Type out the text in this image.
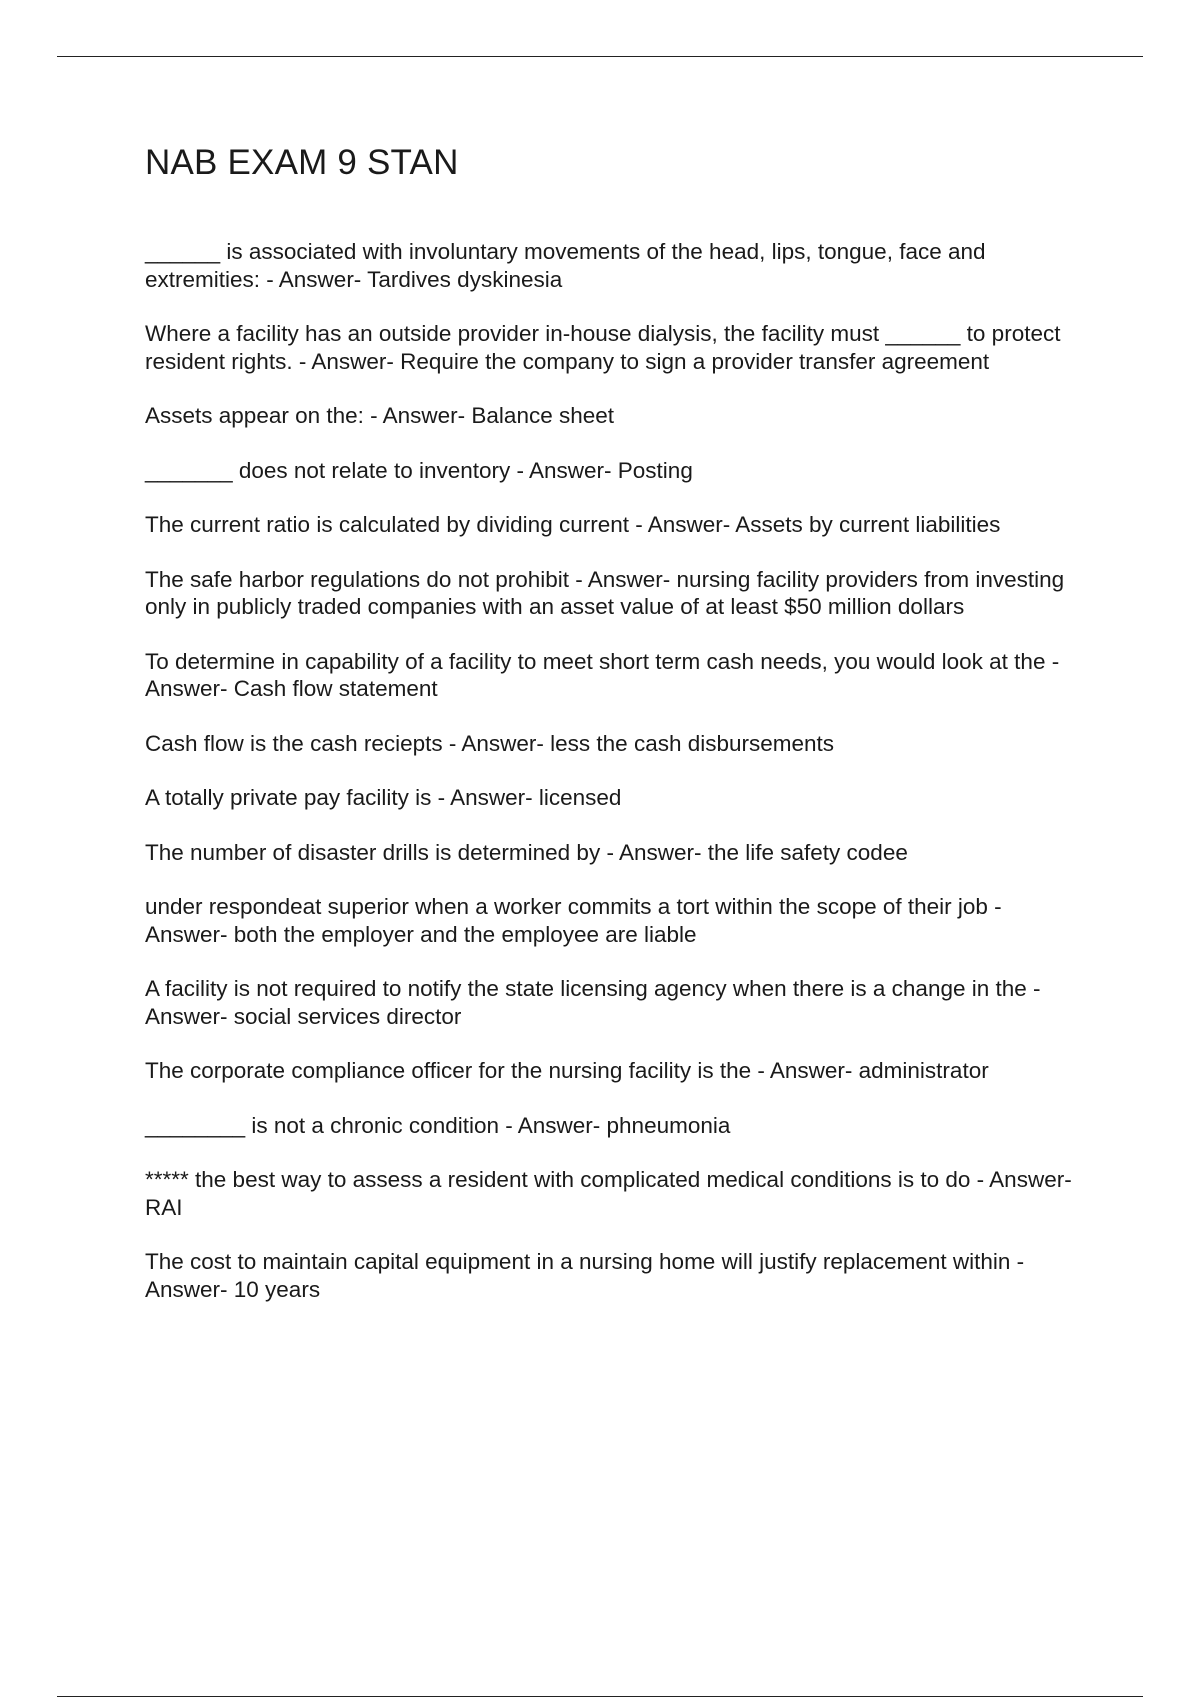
NAB EXAM 9 STAN
______ is associated with involuntary movements of the head, lips, tongue, face and extremities: - Answer- Tardives dyskinesia
Where a facility has an outside provider in-house dialysis, the facility must ______ to protect resident rights. - Answer- Require the company to sign a provider transfer agreement
Assets appear on the: - Answer- Balance sheet
_______ does not relate to inventory - Answer- Posting
The current ratio is calculated by dividing current - Answer- Assets by current liabilities
The safe harbor regulations do not prohibit - Answer- nursing facility providers from investing only in publicly traded companies with an asset value of at least $50 million dollars
To determine in capability of a facility to meet short term cash needs, you would look at the - Answer- Cash flow statement
Cash flow is the cash reciepts - Answer- less the cash disbursements
A totally private pay facility is - Answer- licensed
The number of disaster drills is determined by - Answer- the life safety codee
under respondeat superior when a worker commits a tort within the scope of their job - Answer- both the employer and the employee are liable
A facility is not required to notify the state licensing agency when there is a change in the - Answer- social services director
The corporate compliance officer for the nursing facility is the - Answer- administrator
________ is not a chronic condition - Answer- phneumonia
***** the best way to assess a resident with complicated medical conditions is to do - Answer- RAI
The cost to maintain capital equipment in a nursing home will justify replacement within - Answer- 10 years
